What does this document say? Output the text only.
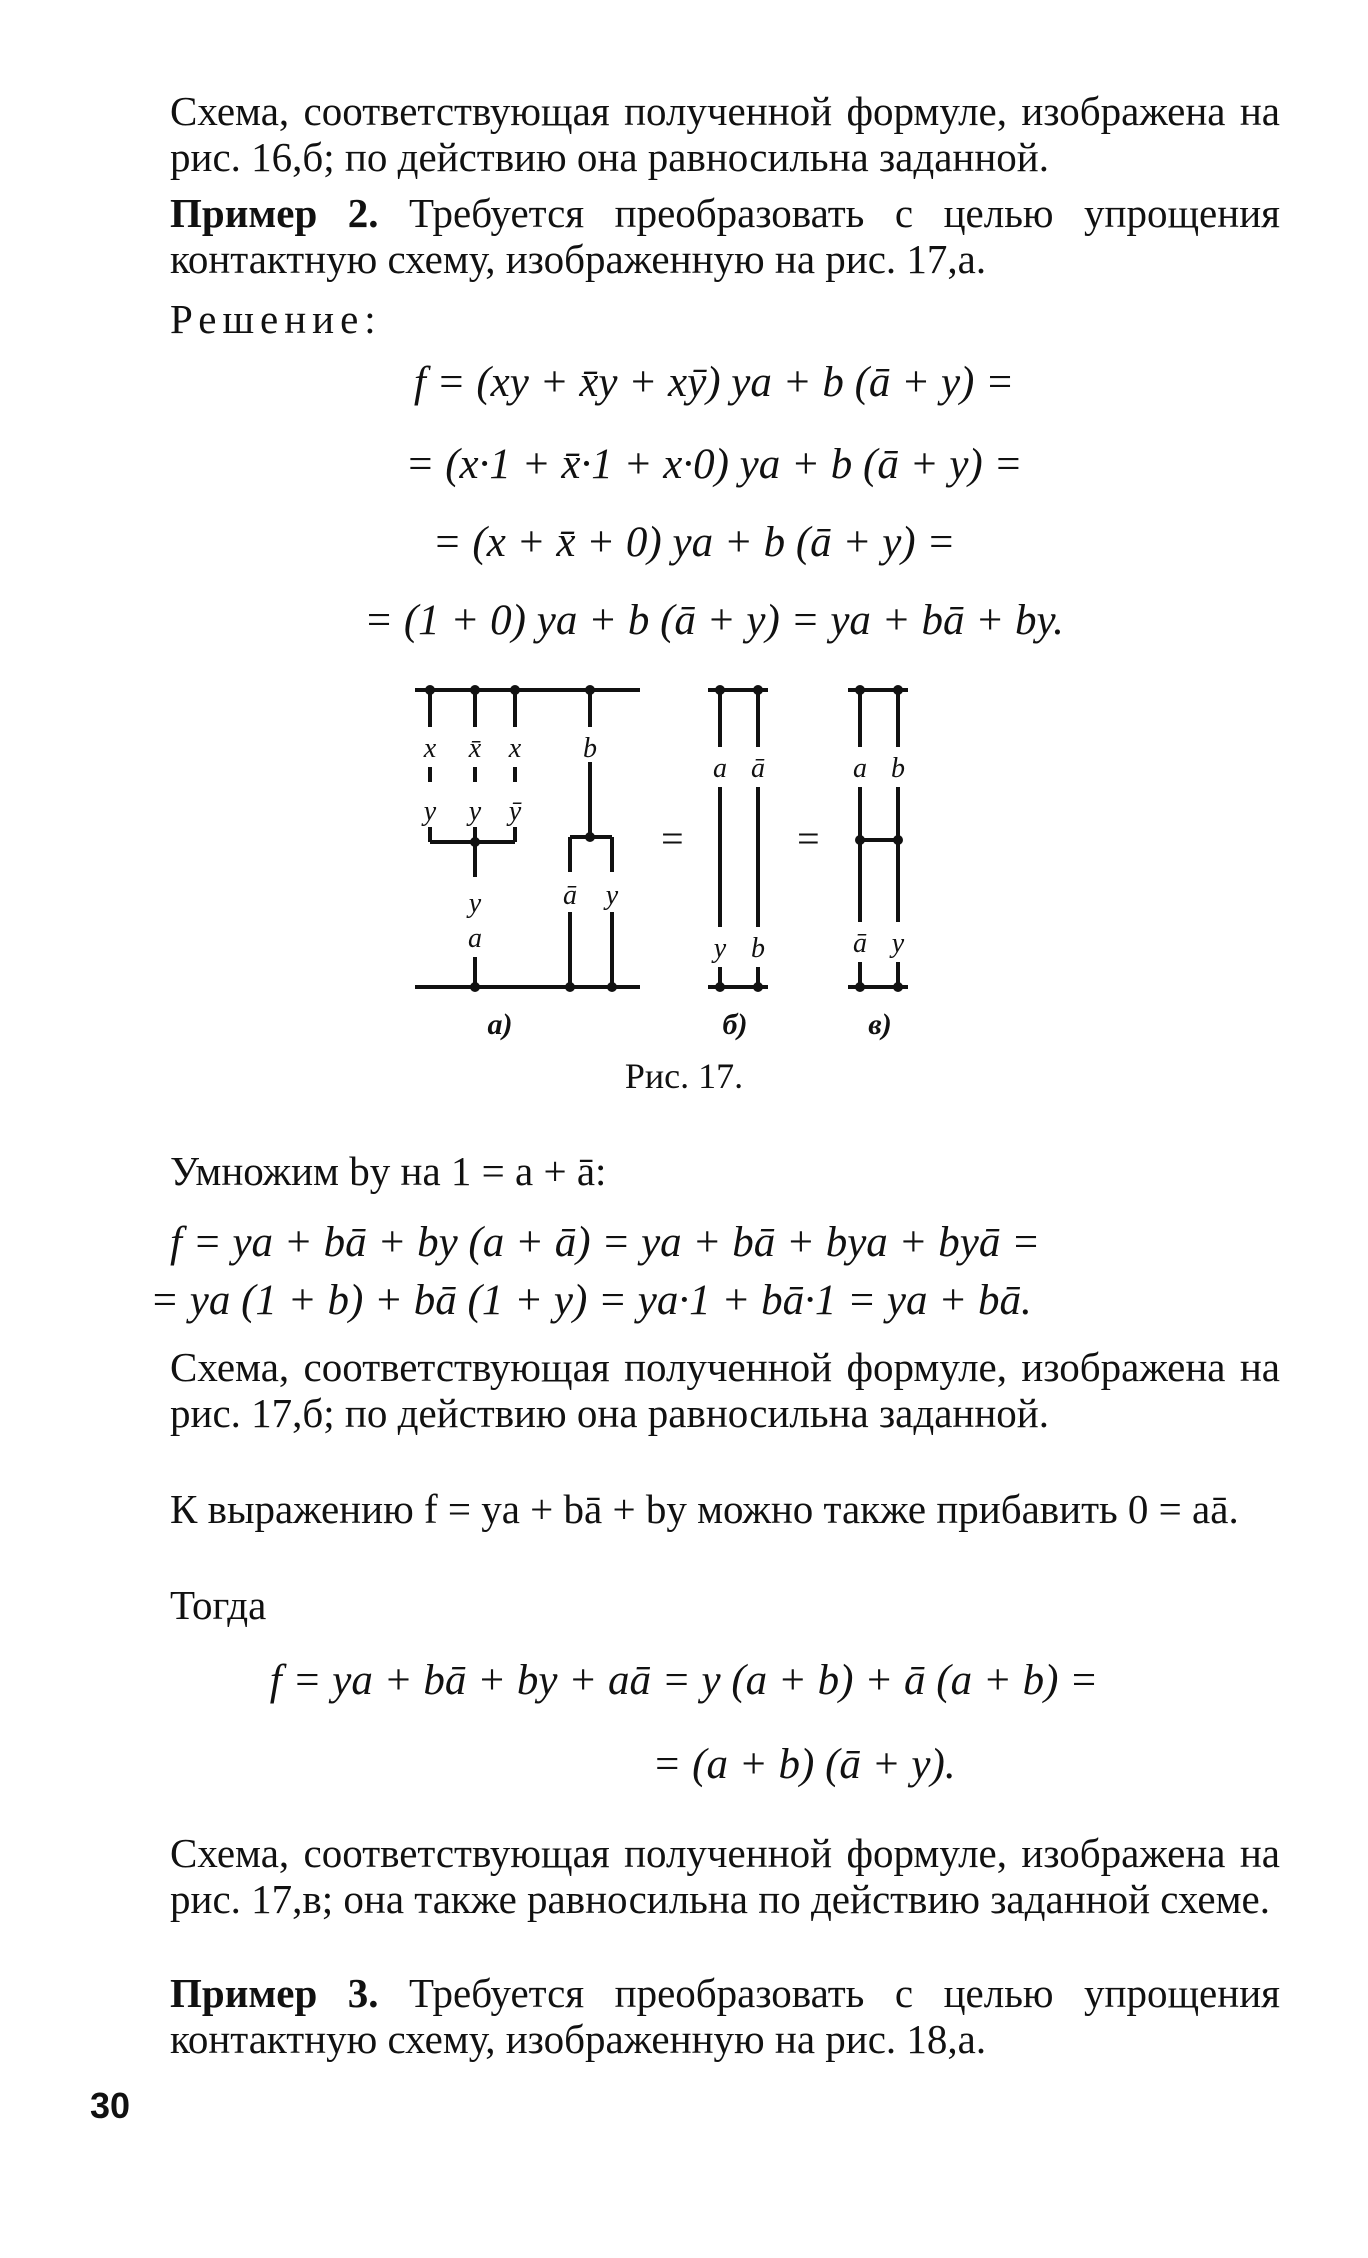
Схема, соответствующая полученной формуле, изображена на рис. 16,б; по действию она равносильна заданной.

Пример 2. Требуется преобразовать с целью упрощения контактную схему, изображенную на рис. 17,а.

Решение:

f = (xy + x̄y + xȳ) ya + b (ā + y) =
= (x·1 + x̄·1 + x·0) ya + b (ā + y) =
= (x + x̄ + 0) ya + b (ā + y) =
= (1 + 0) ya + b (ā + y) = ya + bā + by.
x x̄ x b
y y ȳ
y
a
ā y
a ā
y b
a b
ā y
=	=
а)	б)	в)
Рис. 17.

Умножим by на 1 = a + ā:

f = ya + bā + by (a + ā) = ya + bā + bya + byā =
= ya (1 + b) + bā (1 + y) = ya·1 + bā·1 = ya + bā.

Схема, соответствующая полученной формуле, изображена на рис. 17,б; по действию она равносильна заданной.

К выражению f = ya + bā + by можно также прибавить 0 = aā.

Тогда

f = ya + bā + by + aā = y (a + b) + ā (a + b) =
= (a + b) (ā + y).

Схема, соответствующая полученной формуле, изображена на рис. 17,в; она также равносильна по действию заданной схеме.

Пример 3. Требуется преобразовать с целью упрощения контактную схему, изображенную на рис. 18,а.

30
